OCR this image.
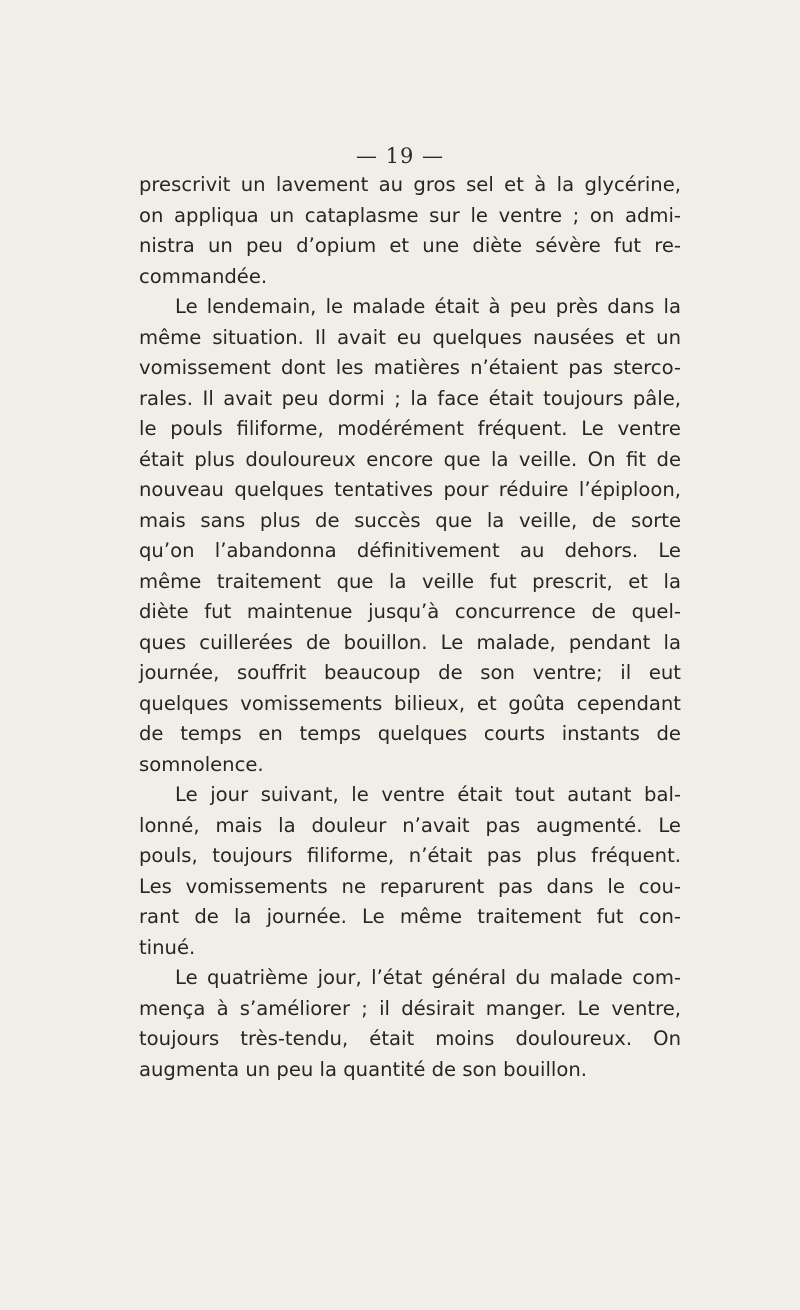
— 19 —
prescrivit un lavement au gros sel et à la glycérine,
on appliqua un cataplasme sur le ventre ; on admi-
nistra un peu d’opium et une diète sévère fut re-
commandée.
Le lendemain, le malade était à peu près dans la
même situation. Il avait eu quelques nausées et un
vomissement dont les matières n’étaient pas sterco-
rales. Il avait peu dormi ; la face était toujours pâle,
le pouls filiforme, modérément fréquent. Le ventre
était plus douloureux encore que la veille. On fit de
nouveau quelques tentatives pour réduire l’épiploon,
mais sans plus de succès que la veille, de sorte
qu’on l’abandonna définitivement au dehors. Le
même traitement que la veille fut prescrit, et la
diète fut maintenue jusqu’à concurrence de quel-
ques cuillerées de bouillon. Le malade, pendant la
journée, souffrit beaucoup de son ventre; il eut
quelques vomissements bilieux, et goûta cependant
de temps en temps quelques courts instants de
somnolence.
Le jour suivant, le ventre était tout autant bal-
lonné, mais la douleur n’avait pas augmenté. Le
pouls, toujours filiforme, n’était pas plus fréquent.
Les vomissements ne reparurent pas dans le cou-
rant de la journée. Le même traitement fut con-
tinué.
Le quatrième jour, l’état général du malade com-
mença à s’améliorer ; il désirait manger. Le ventre,
toujours très-tendu, était moins douloureux. On
augmenta un peu la quantité de son bouillon.
